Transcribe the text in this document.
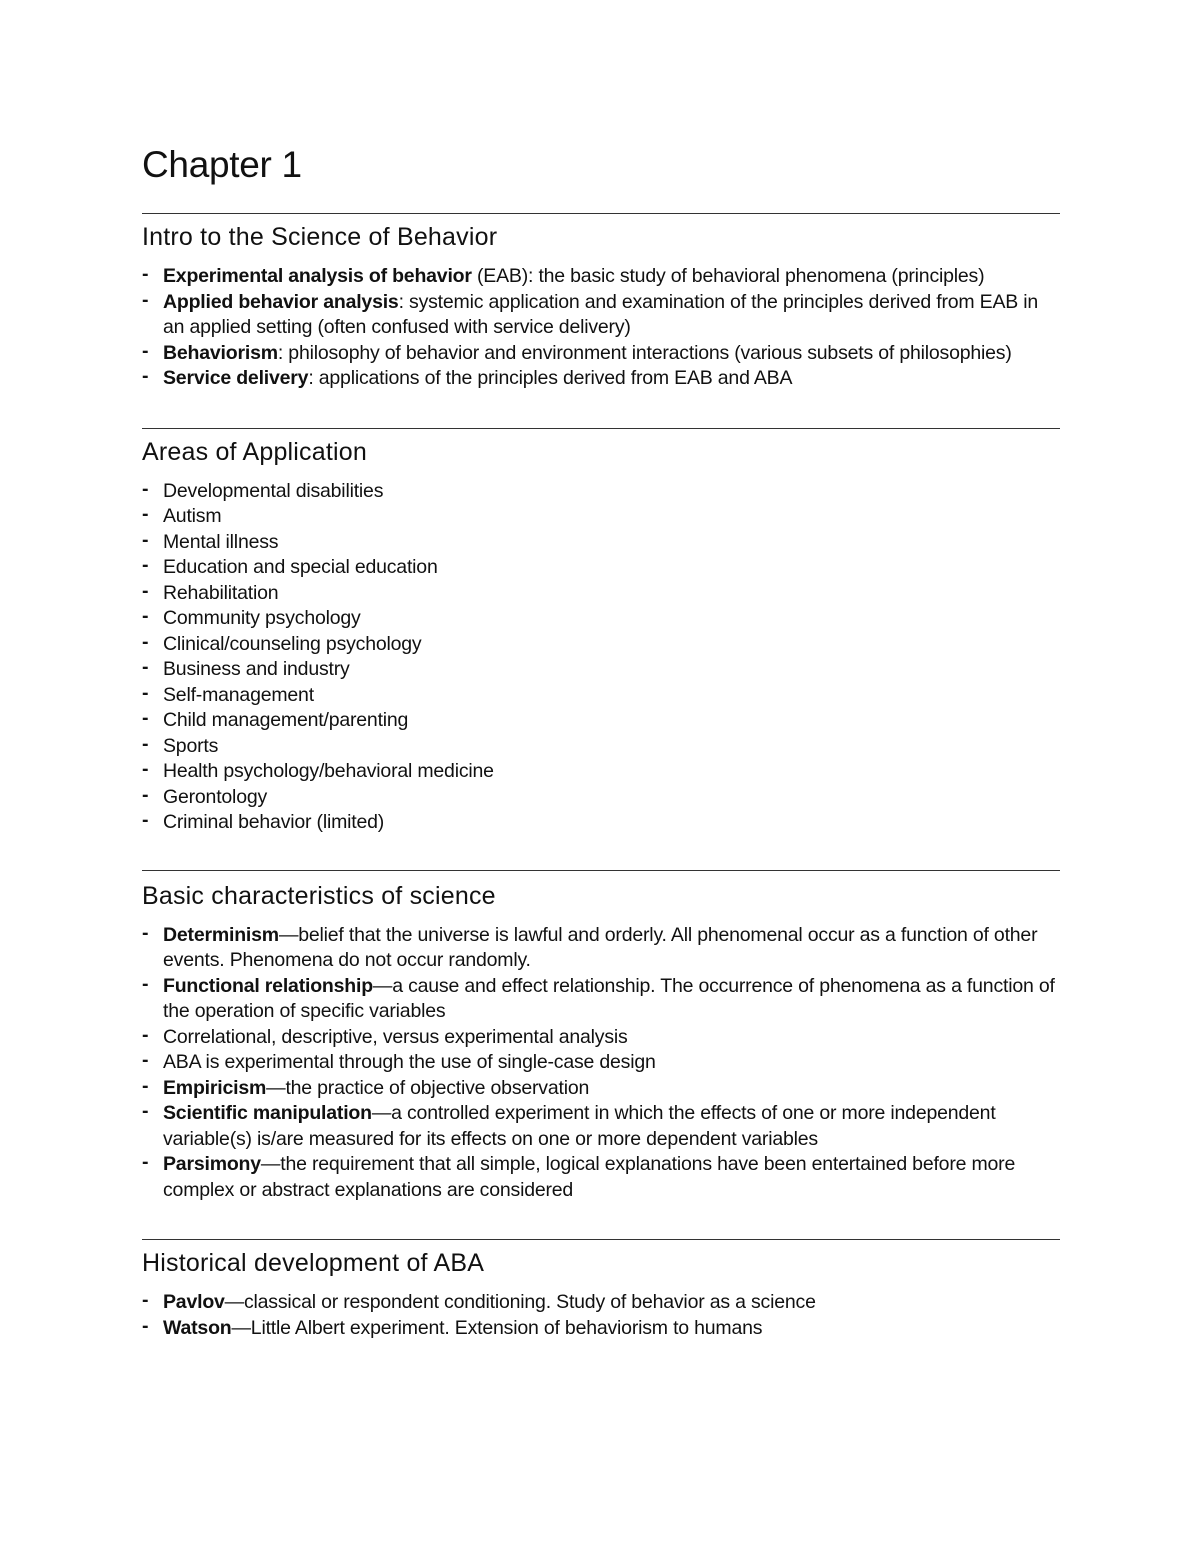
Chapter 1
Intro to the Science of Behavior
- Experimental analysis of behavior (EAB): the basic study of behavioral phenomena (principles)
- Applied behavior analysis: systemic application and examination of the principles derived from EAB in an applied setting (often confused with service delivery)
- Behaviorism: philosophy of behavior and environment interactions (various subsets of philosophies)
- Service delivery: applications of the principles derived from EAB and ABA
Areas of Application
- Developmental disabilities
- Autism
- Mental illness
- Education and special education
- Rehabilitation
- Community psychology
- Clinical/counseling psychology
- Business and industry
- Self-management
- Child management/parenting
- Sports
- Health psychology/behavioral medicine
- Gerontology
- Criminal behavior (limited)
Basic characteristics of science
- Determinism—belief that the universe is lawful and orderly. All phenomenal occur as a function of other events. Phenomena do not occur randomly.
- Functional relationship—a cause and effect relationship. The occurrence of phenomena as a function of the operation of specific variables
- Correlational, descriptive, versus experimental analysis
- ABA is experimental through the use of single-case design
- Empiricism—the practice of objective observation
- Scientific manipulation—a controlled experiment in which the effects of one or more independent variable(s) is/are measured for its effects on one or more dependent variables
- Parsimony—the requirement that all simple, logical explanations have been entertained before more complex or abstract explanations are considered
Historical development of ABA
- Pavlov—classical or respondent conditioning. Study of behavior as a science
- Watson—Little Albert experiment. Extension of behaviorism to humans
